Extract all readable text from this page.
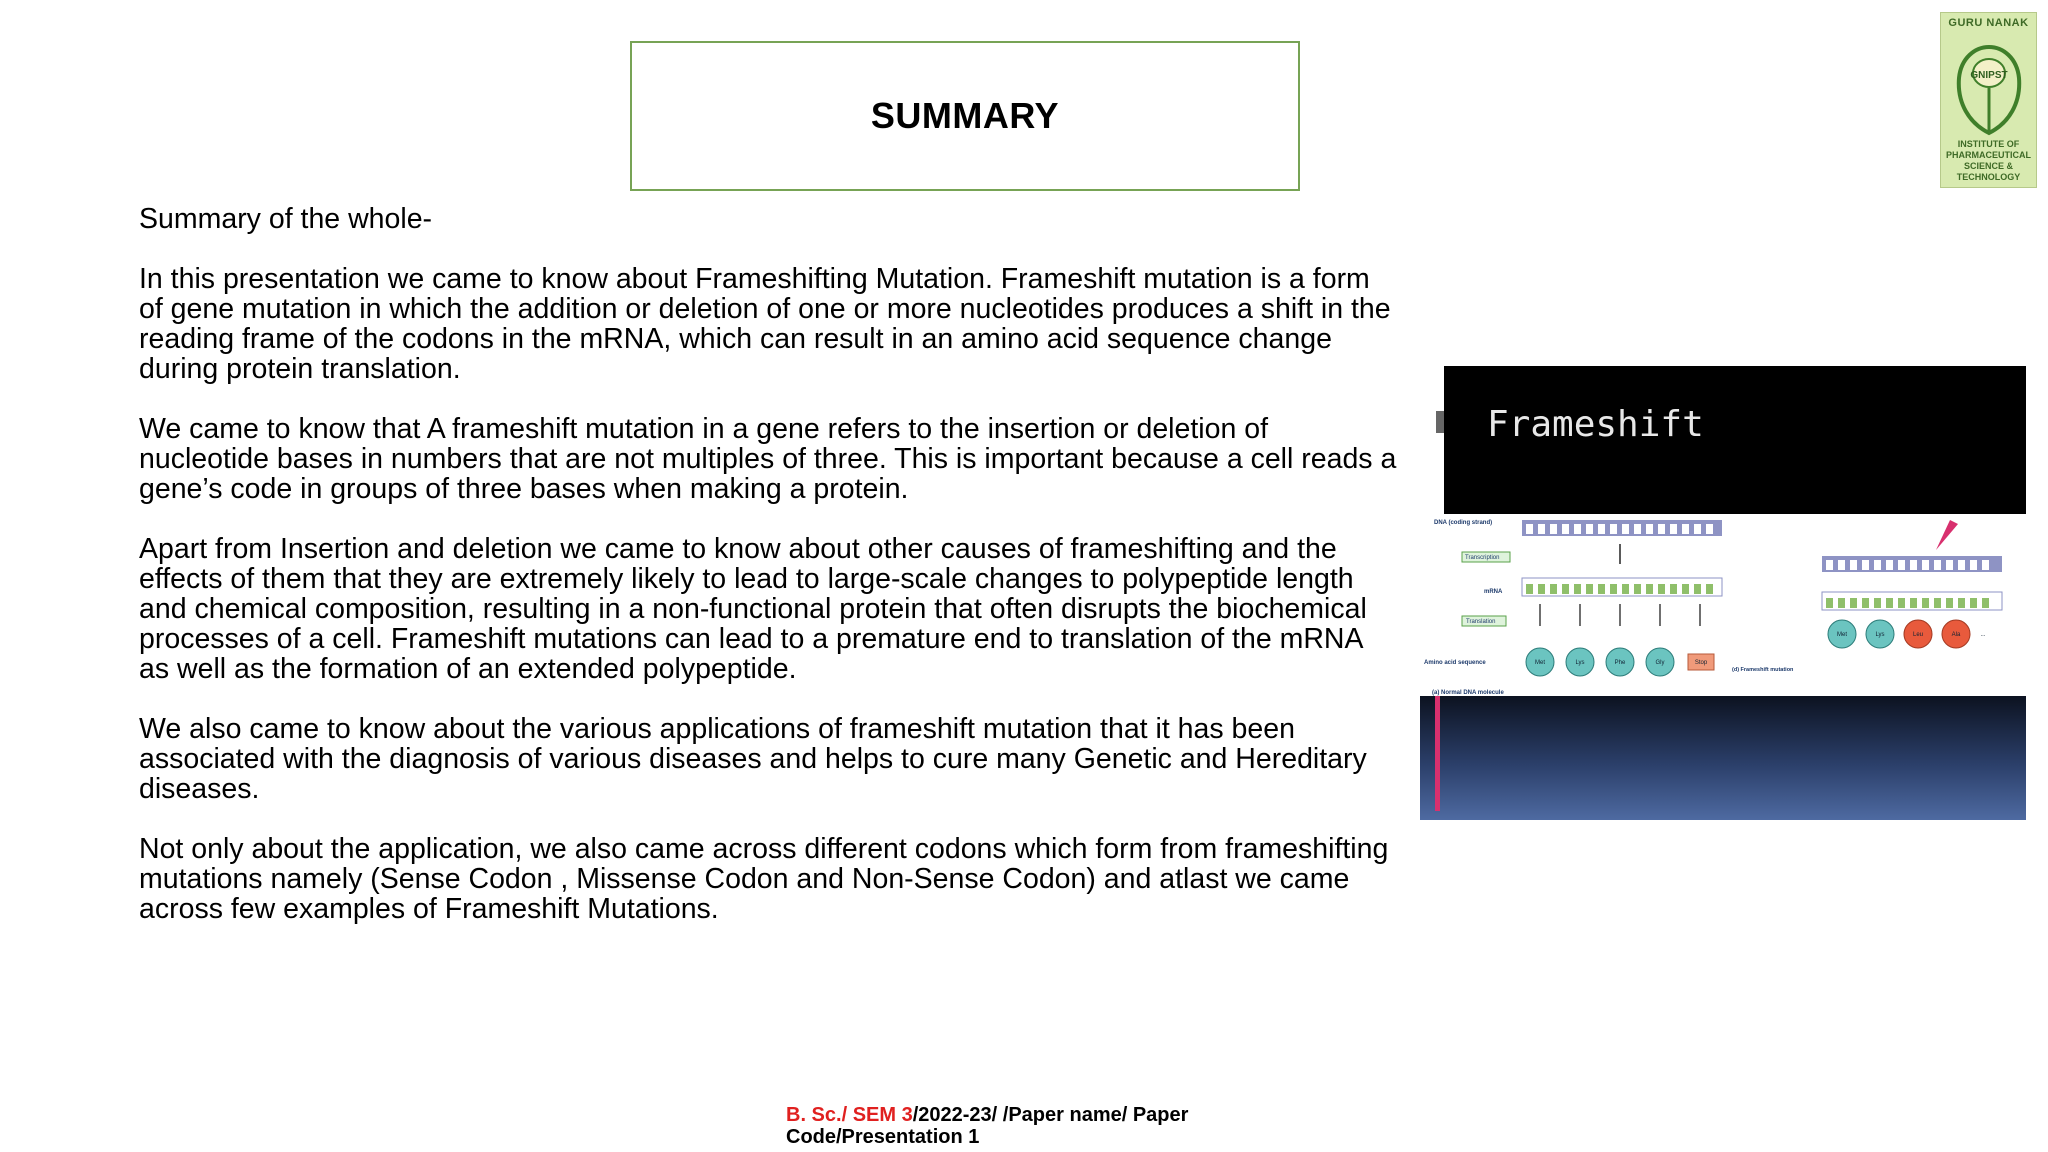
SUMMARY

Summary of the whole-

In this presentation we came to know about Frameshifting Mutation. Frameshift mutation is a form of gene mutation in which the addition or deletion of one or more nucleotides produces a shift in the reading frame of the codons in the mRNA, which can result in an amino acid sequence change during protein translation.

We came to know that A frameshift mutation in a gene refers to the insertion or deletion of nucleotide bases in numbers that are not multiples of three. This is important because a cell reads a gene’s code in groups of three bases when making a protein.

Apart from Insertion and deletion we came to know about other causes of frameshifting and the effects of them that they are extremely likely to lead to large-scale changes to polypeptide length and chemical composition, resulting in a non-functional protein that often disrupts the biochemical processes of a cell. Frameshift mutations can lead to a premature end to translation of the mRNA as well as the formation of an extended polypeptide.

We also came to know about the various applications of frameshift mutation that it has been associated with the diagnosis of various diseases and helps to cure many Genetic and Hereditary diseases.

Not only about the application, we also came across different codons which form from frameshifting mutations namely (Sense Codon , Missense Codon and Non-Sense Codon) and atlast we came across few examples of Frameshift Mutations.

GURU NANAK
GNIPST
INSTITUTE OF
PHARMACEUTICAL
SCIENCE & TECHNOLOGY
Frameshift
DNA (coding strand)
Transcription
mRNA
Translation
Amino acid sequence	Met	Lys	Phe	Gly	Stop
(a) Normal DNA molecule
(d) Frameshift mutation
Met	Lys	Leu	Ala	...
B. Sc./ SEM 3/2022-23/ /Paper name/ Paper
Code/Presentation 1
